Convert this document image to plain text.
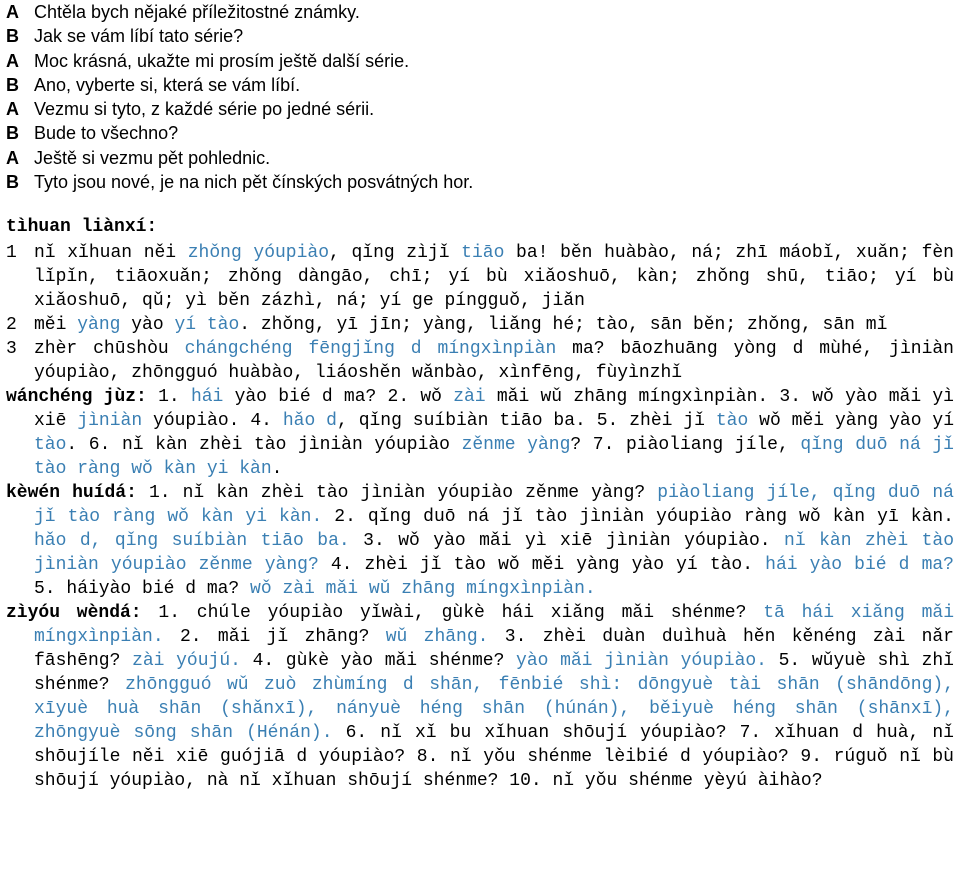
A Chtěla bych nějaké příležitostné známky.
B Jak se vám líbí tato série?
A Moc krásná, ukažte mi prosím ještě další série.
B Ano, vyberte si, která se vám líbí.
A Vezmu si tyto, z každé série po jedné sérii.
B Bude to všechno?
A Ještě si vezmu pět pohlednic.
B Tyto jsou nové, je na nich pět čínských posvátných hor.
tìhuan liànxí:
1 nǐ xǐhuan něi zhǒng yóupiào, qǐng zìjǐ tiāo ba! běn huàbào, ná; zhī máobǐ, xuǎn; fèn lǐpǐn, tiāoxuǎn; zhǒng dàngāo, chī; yí bù xiǎoshuō, kàn; zhǒng shū, tiāo; yí bù xiǎoshuō, qǔ; yì běn zázhì, ná; yí ge píngguǒ, jiǎn
2 měi yàng yào yí tào. zhǒng, yī jīn; yàng, liǎng hé; tào, sān běn; zhǒng, sān mǐ
3 zhèr chūshòu chángchéng fēngjǐng d míngxìnpiàn ma? bāozhuāng yòng d mùhé, jìniàn yóupiào, zhōngguó huàbào, liáoshěn wǎnbào, xìnfēng, fùyìnzhǐ
wánchéng jùz: 1. hái yào bié d ma? 2. wǒ zài mǎi wǔ zhāng míngxìnpiàn. 3. wǒ yào mǎi yì xiē jìniàn yóupiào. 4. hǎo d, qǐng suíbiàn tiāo ba. 5. zhèi jǐ tào wǒ měi yàng yào yí tào. 6. nǐ kàn zhèi tào jìniàn yóupiào zěnme yàng? 7. piàoliang jíle, qǐng duō ná jǐ tào ràng wǒ kàn yi kàn.
kèwén huídá: 1. nǐ kàn zhèi tào jìniàn yóupiào zěnme yàng? piàoliang jíle, qǐng duō ná jǐ tào ràng wǒ kàn yi kàn. 2. qǐng duō ná jǐ tào jìniàn yóupiào ràng wǒ kàn yī kàn. hǎo d, qǐng suíbiàn tiāo ba. 3. wǒ yào mǎi yì xiē jìniàn yóupiào. nǐ kàn zhèi tào jìniàn yóupiào zěnme yàng? 4. zhèi jǐ tào wǒ měi yàng yào yí tào. hái yào bié d ma? 5. háiyào bié d ma? wǒ zài mǎi wǔ zhāng míngxìnpiàn.
zìyóu wèndá: 1. chúle yóupiào yǐwài, gùkè hái xiǎng mǎi shénme? tā hái xiǎng mǎi míngxìnpiàn. 2. mǎi jǐ zhāng? wǔ zhāng. 3. zhèi duàn duìhuà hěn kěnéng zài nǎr fāshēng? zài yóujú. 4. gùkè yào mǎi shénme? yào mǎi jìniàn yóupiào. 5. wǔyuè shì zhǐ shénme? zhōngguó wǔ zuò zhùmíng d shān, fēnbié shì: dōngyuè tài shān (shāndōng), xīyuè huà shān (shǎnxī), nányuè héng shān (húnán), běiyuè héng shān (shānxī), zhōngyuè sōng shān (Hénán). 6. nǐ xǐ bu xǐhuan shōují yóupiào? 7. xǐhuan d huà, nǐ shōujíle něi xiē guójiā d yóupiào? 8. nǐ yǒu shénme lèibié d yóupiào? 9. rúguǒ nǐ bù shōují yóupiào, nà nǐ xǐhuan shōují shénme? 10. nǐ yǒu shénme yèyú àihào?
